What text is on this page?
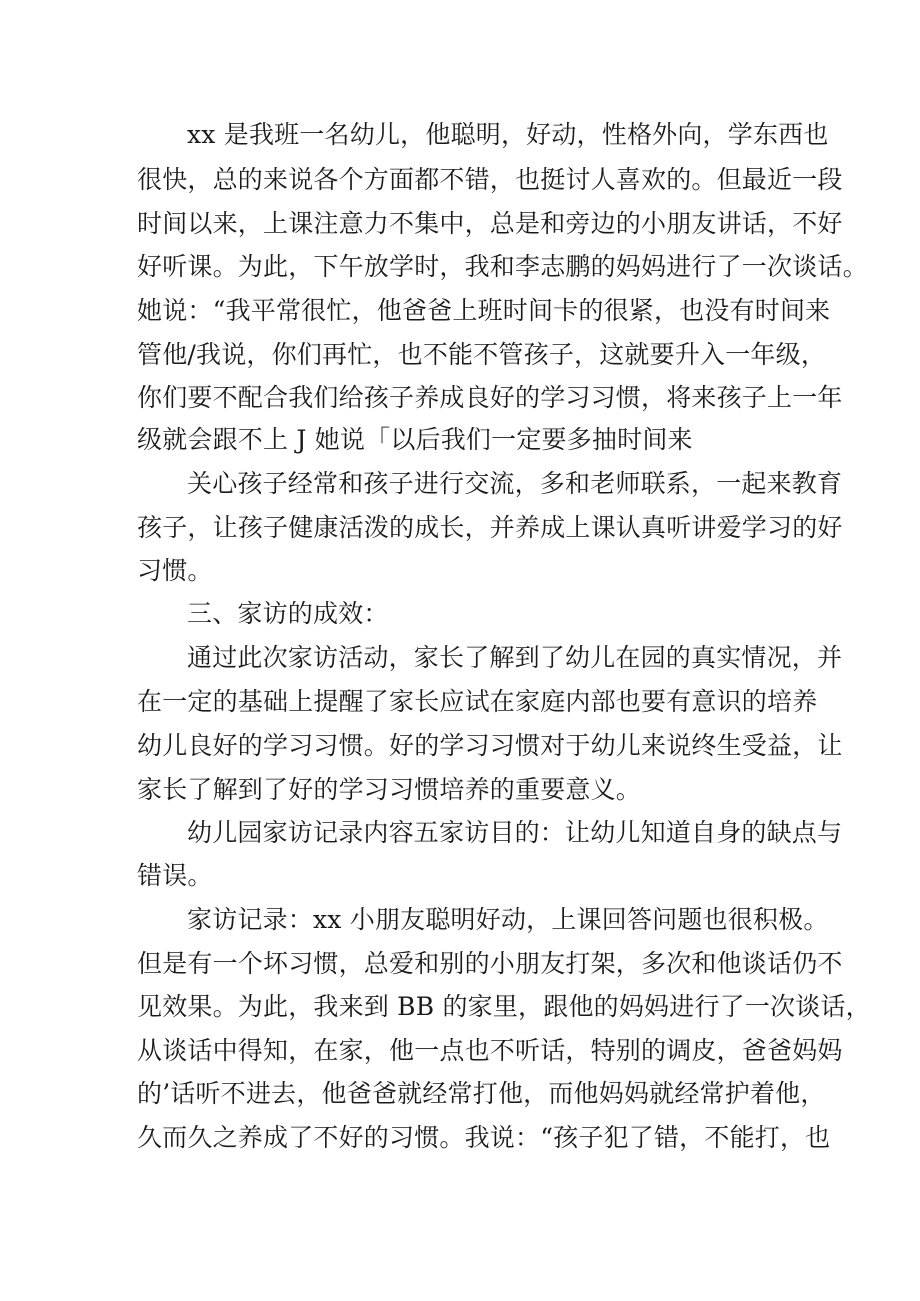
xx 是我班一名幼儿，他聪明，好动，性格外向，学东西也
很快，总的来说各个方面都不错，也挺讨人喜欢的。但最近一段
时间以来，上课注意力不集中，总是和旁边的小朋友讲话，不好
好听课。为此，下午放学时，我和李志鹏的妈妈进行了一次谈话。
她说：“我平常很忙，他爸爸上班时间卡的很紧，也没有时间来
管他/我说，你们再忙，也不能不管孩子，这就要升入一年级，
你们要不配合我们给孩子养成良好的学习习惯，将来孩子上一年
级就会跟不上 J 她说「以后我们一定要多抽时间来
关心孩子经常和孩子进行交流，多和老师联系，一起来教育
孩子，让孩子健康活泼的成长，并养成上课认真听讲爱学习的好
习惯。
三、家访的成效：
通过此次家访活动，家长了解到了幼儿在园的真实情况，并
在一定的基础上提醒了家长应试在家庭内部也要有意识的培养
幼儿良好的学习习惯。好的学习习惯对于幼儿来说终生受益，让
家长了解到了好的学习习惯培养的重要意义。
幼儿园家访记录内容五家访目的：让幼儿知道自身的缺点与
错误。
家访记录：xx 小朋友聪明好动，上课回答问题也很积极。
但是有一个坏习惯，总爱和别的小朋友打架，多次和他谈话仍不
见效果。为此，我来到 BB 的家里，跟他的妈妈进行了一次谈话，
从谈话中得知，在家，他一点也不听话，特别的调皮，爸爸妈妈
的’话听不进去，他爸爸就经常打他，而他妈妈就经常护着他，
久而久之养成了不好的习惯。我说：“孩子犯了错，不能打，也
